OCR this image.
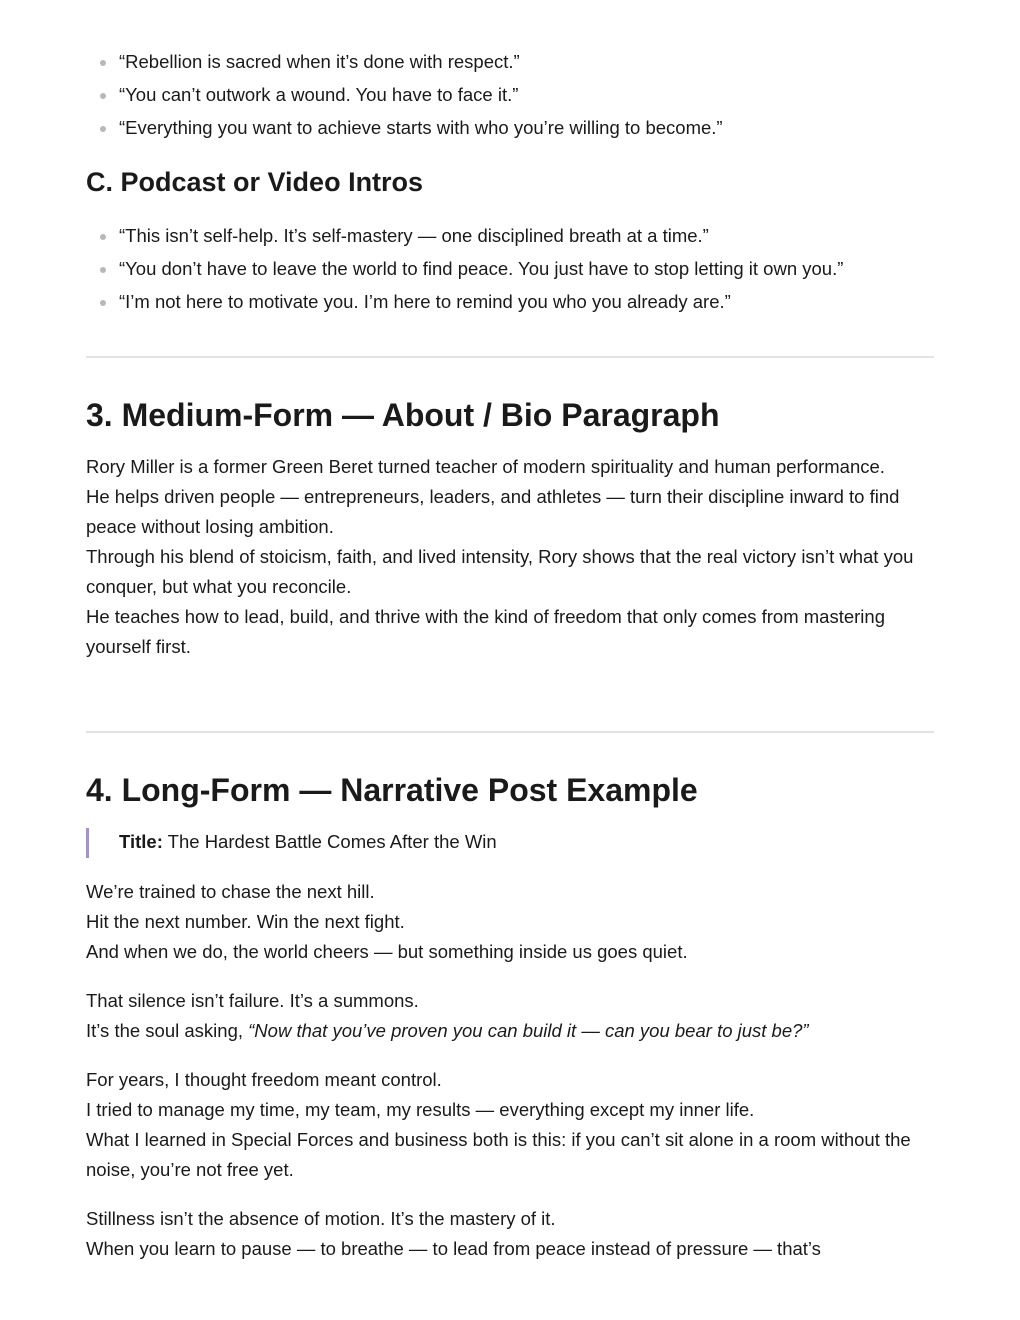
“Rebellion is sacred when it’s done with respect.”
“You can’t outwork a wound. You have to face it.”
“Everything you want to achieve starts with who you’re willing to become.”
C. Podcast or Video Intros
“This isn’t self-help. It’s self-mastery — one disciplined breath at a time.”
“You don’t have to leave the world to find peace. You just have to stop letting it own you.”
“I’m not here to motivate you. I’m here to remind you who you already are.”
3. Medium-Form — About / Bio Paragraph

Rory Miller is a former Green Beret turned teacher of modern spirituality and human performance.

He helps driven people — entrepreneurs, leaders, and athletes — turn their discipline inward to find peace without losing ambition.

Through his blend of stoicism, faith, and lived intensity, Rory shows that the real victory isn’t what you conquer, but what you reconcile.

He teaches how to lead, build, and thrive with the kind of freedom that only comes from mastering yourself first.

4. Long-Form — Narrative Post Example
Title: The Hardest Battle Comes After the Win

We’re trained to chase the next hill.

Hit the next number. Win the next fight.

And when we do, the world cheers — but something inside us goes quiet.

That silence isn’t failure. It’s a summons.

It’s the soul asking, “Now that you’ve proven you can build it — can you bear to just be?”

For years, I thought freedom meant control.

I tried to manage my time, my team, my results — everything except my inner life.

What I learned in Special Forces and business both is this: if you can’t sit alone in a room without the noise, you’re not free yet.

Stillness isn’t the absence of motion. It’s the mastery of it.

When you learn to pause — to breathe — to lead from peace instead of pressure — that’s
